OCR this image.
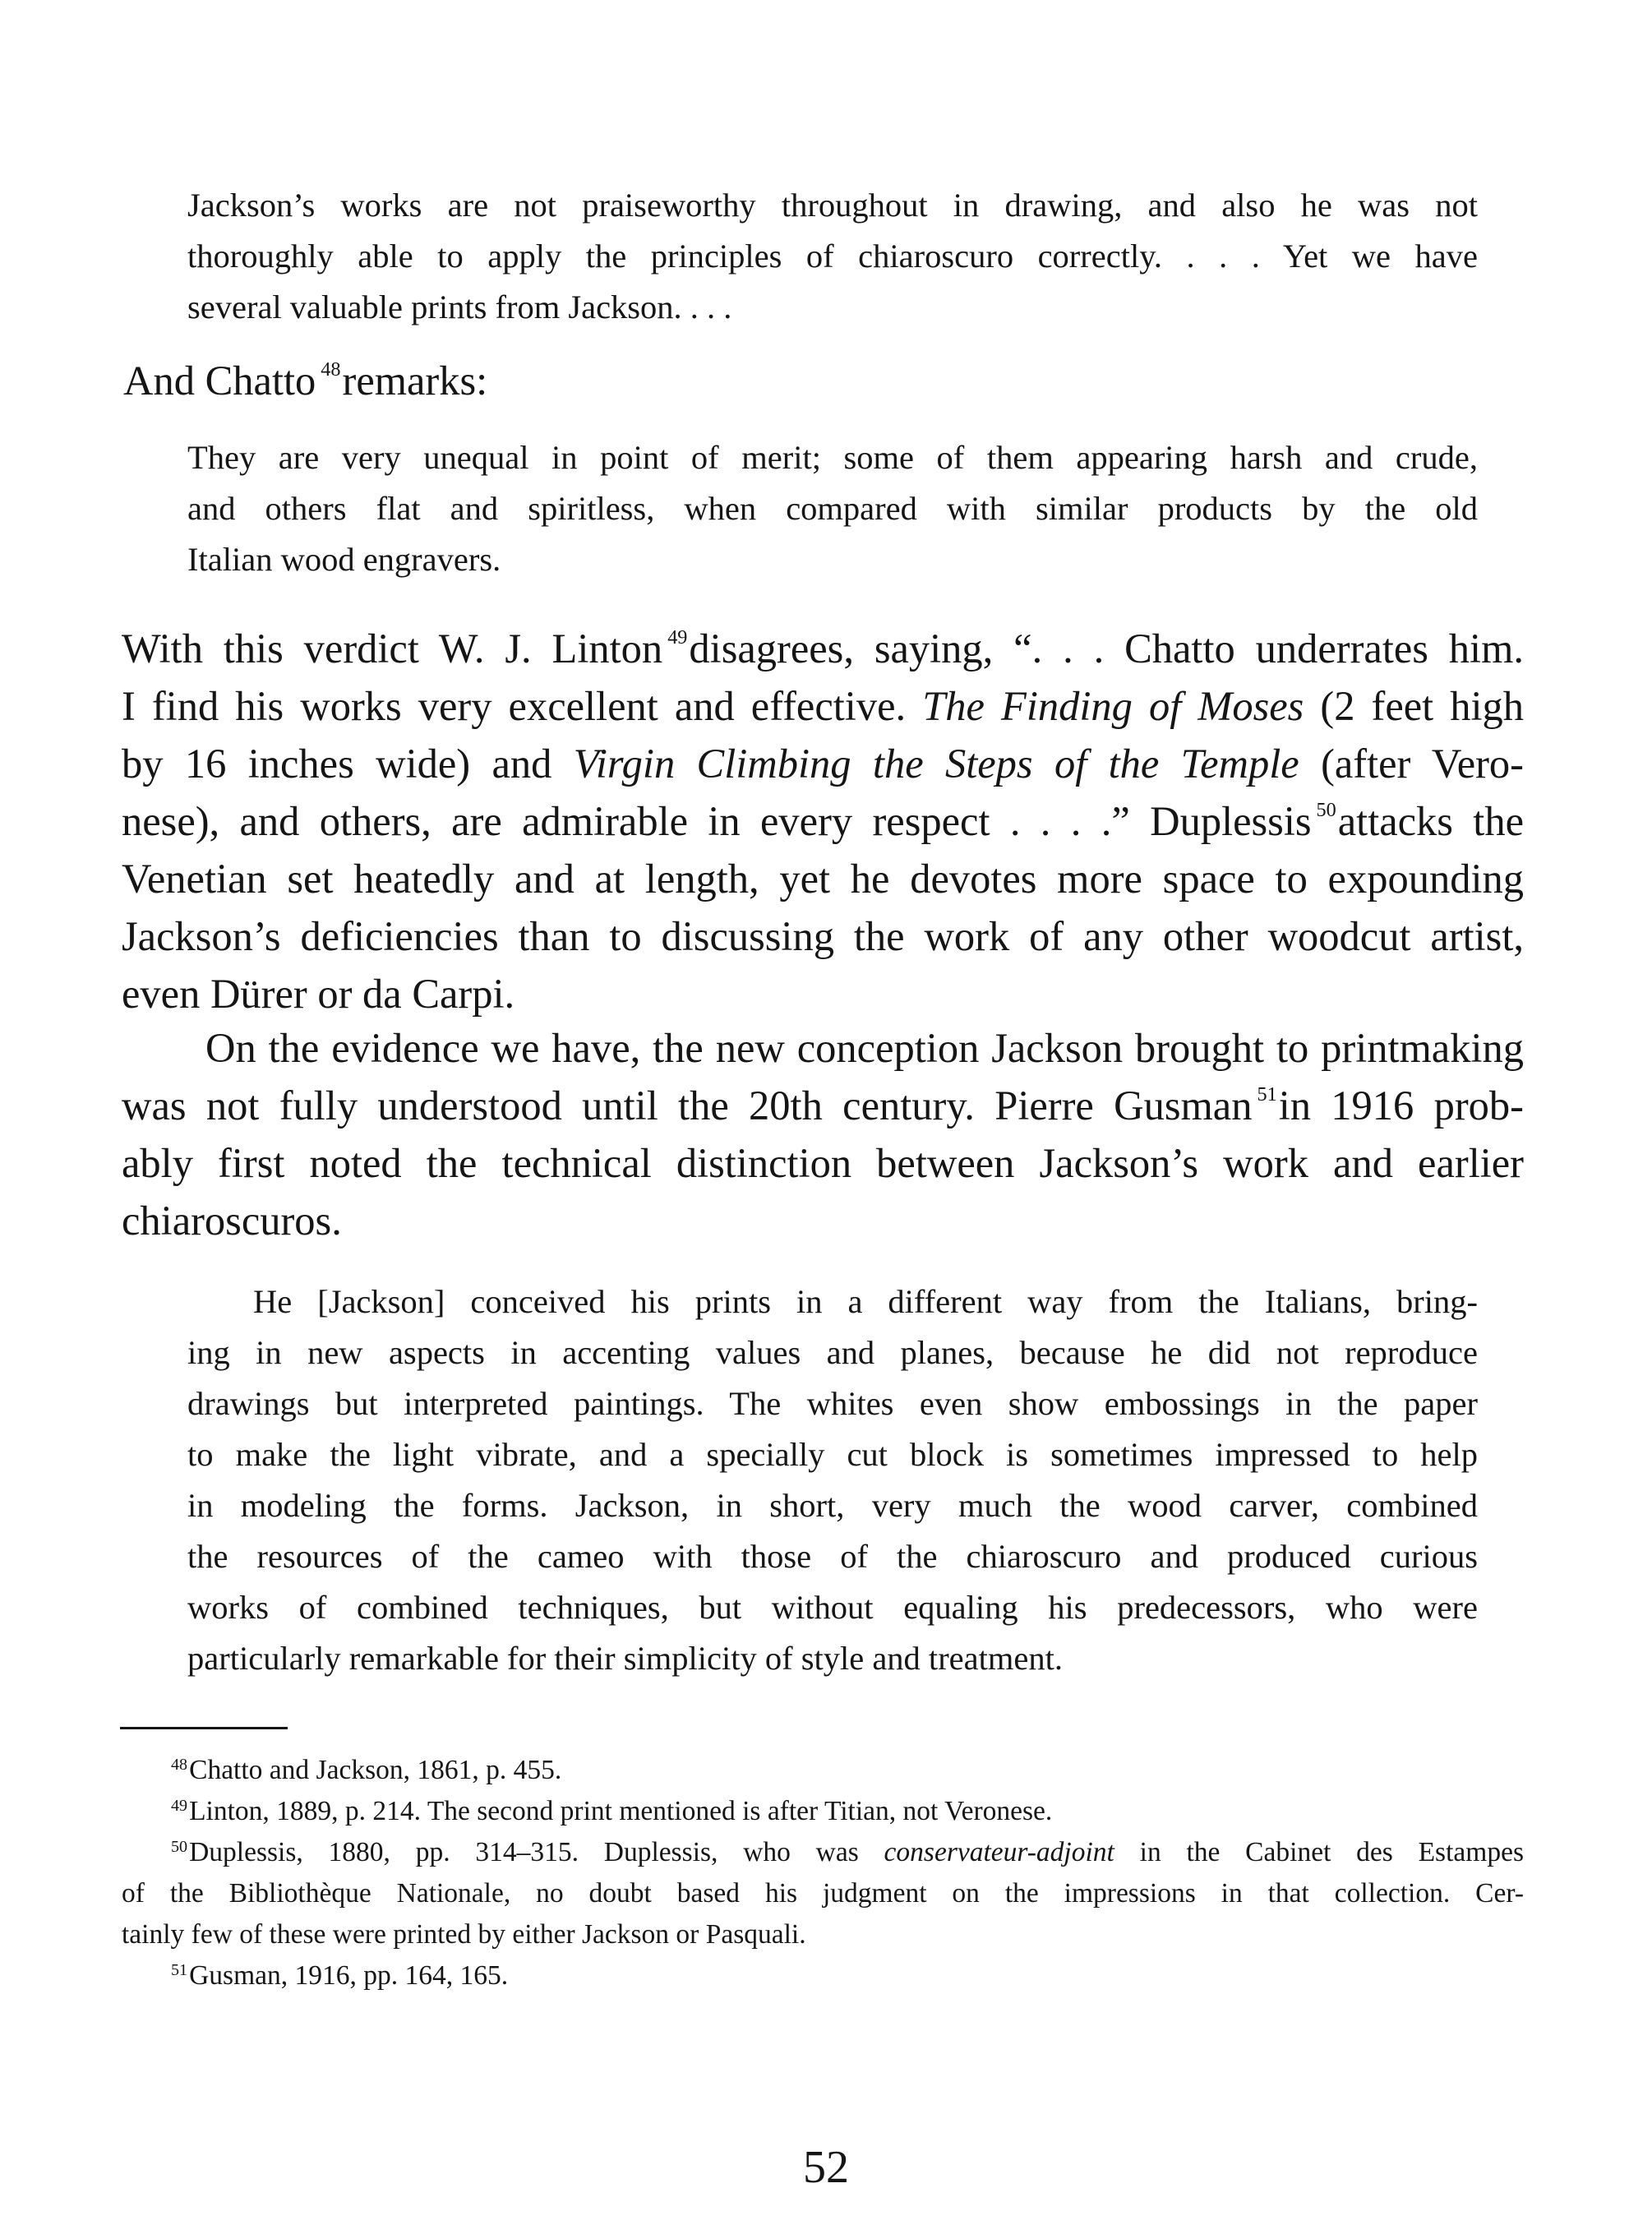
Jackson’s works are not praiseworthy throughout in drawing, and also he was not
thoroughly able to apply the principles of chiaroscuro correctly. . . . Yet we have
several valuable prints from Jackson. . . .
And Chatto $^{48}$remarks:
They are very unequal in point of merit; some of them appearing harsh and crude,
and others flat and spiritless, when compared with similar products by the old
Italian wood engravers.
With this verdict W. J. Linton $^{49}$disagrees, saying, “. . . Chatto underrates him.
I find his works very excellent and effective. The Finding of Moses (2 feet high
by 16 inches wide) and Virgin Climbing the Steps of the Temple (after Vero-
nese), and others, are admirable in every respect . . . .” Duplessis $^{50}$attacks the
Venetian set heatedly and at length, yet he devotes more space to expounding
Jackson’s deficiencies than to discussing the work of any other woodcut artist,
even Dürer or da Carpi.
On the evidence we have, the new conception Jackson brought to printmaking
was not fully understood until the 20th century. Pierre Gusman $^{51}$in 1916 prob-
ably first noted the technical distinction between Jackson’s work and earlier
chiaroscuros.
He [Jackson] conceived his prints in a different way from the Italians, bring-
ing in new aspects in accenting values and planes, because he did not reproduce
drawings but interpreted paintings. The whites even show embossings in the paper
to make the light vibrate, and a specially cut block is sometimes impressed to help
in modeling the forms. Jackson, in short, very much the wood carver, combined
the resources of the cameo with those of the chiaroscuro and produced curious
works of combined techniques, but without equaling his predecessors, who were
particularly remarkable for their simplicity of style and treatment.
$^{48}$Chatto and Jackson, 1861, p. 455.
$^{49}$Linton, 1889, p. 214. The second print mentioned is after Titian, not Veronese.
$^{50}$Duplessis, 1880, pp. 314–315. Duplessis, who was conservateur-adjoint in the Cabinet des Estampes
of the Bibliothèque Nationale, no doubt based his judgment on the impressions in that collection. Cer-
tainly few of these were printed by either Jackson or Pasquali.
$^{51}$Gusman, 1916, pp. 164, 165.
52
